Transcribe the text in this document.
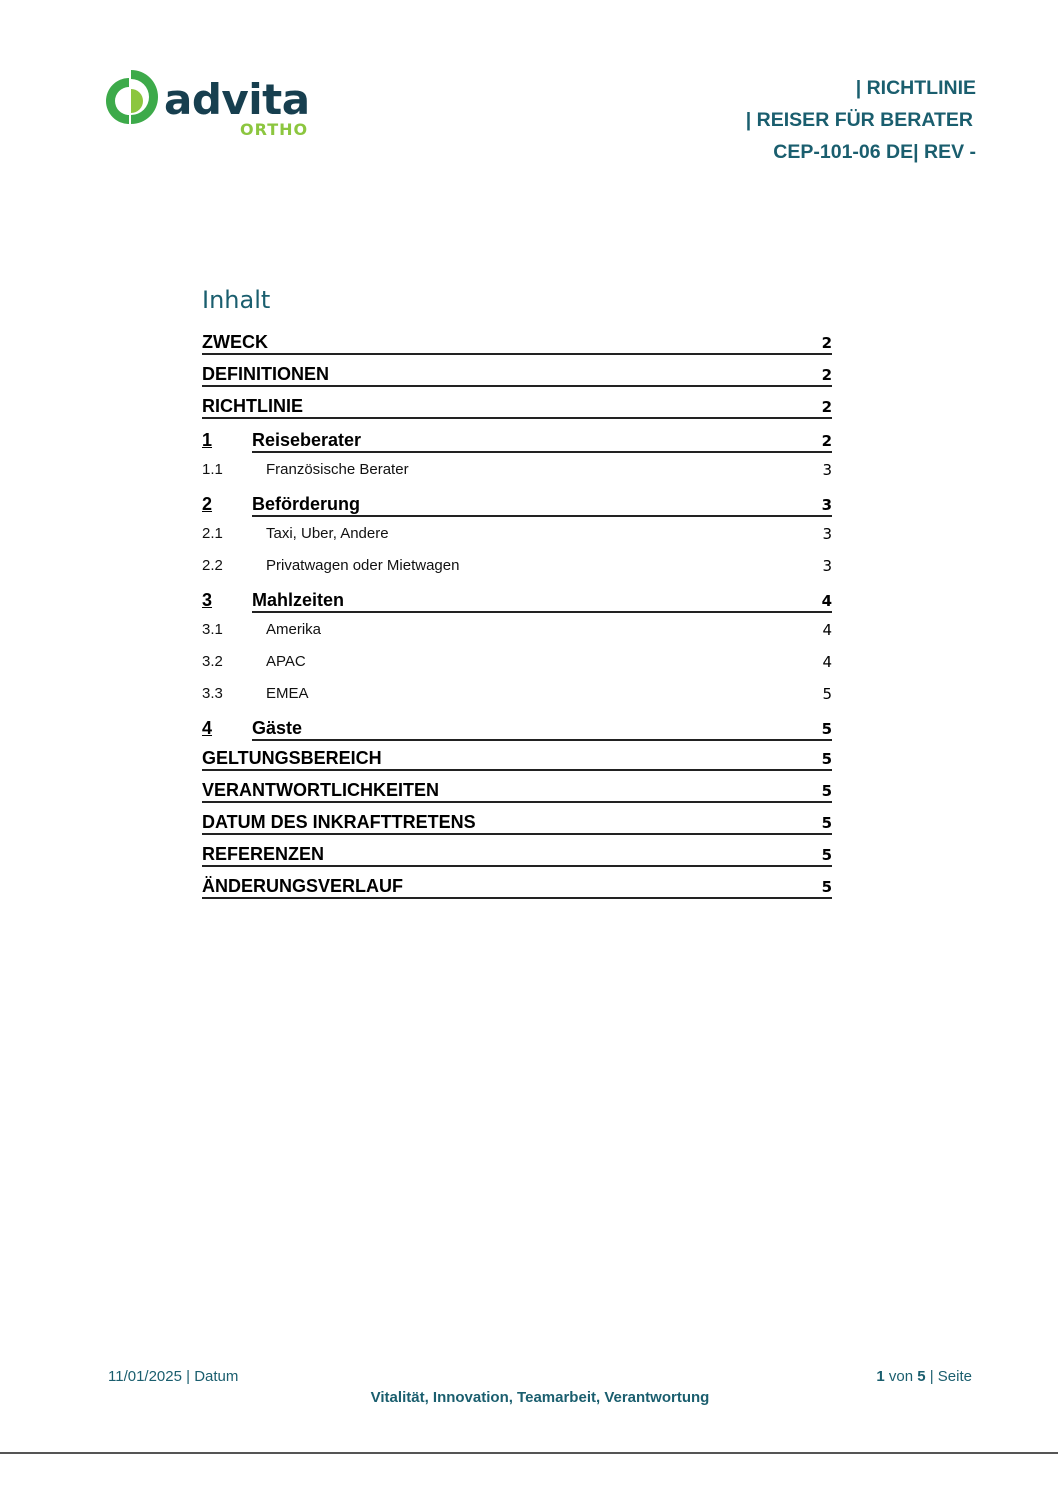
advita
ORTHO
| RICHTLINIE
| REISER FÜR BERATER
CEP-101-06 DE| REV -
Inhalt
ZWECK	2
DEFINITIONEN	2
RICHTLINIE	2
1	Reiseberater	2
1.1	Französische Berater	3
2	Beförderung	3
2.1	Taxi, Uber, Andere	3
2.2	Privatwagen oder Mietwagen	3
3	Mahlzeiten	4
3.1	Amerika	4
3.2	APAC	4
3.3	EMEA	5
4	Gäste	5
GELTUNGSBEREICH	5
VERANTWORTLICHKEITEN	5
DATUM DES INKRAFTTRETENS	5
REFERENZEN	5
ÄNDERUNGSVERLAUF	5
11/01/2025 | Datum	1 von 5 | Seite
Vitalität, Innovation, Teamarbeit, Verantwortung
